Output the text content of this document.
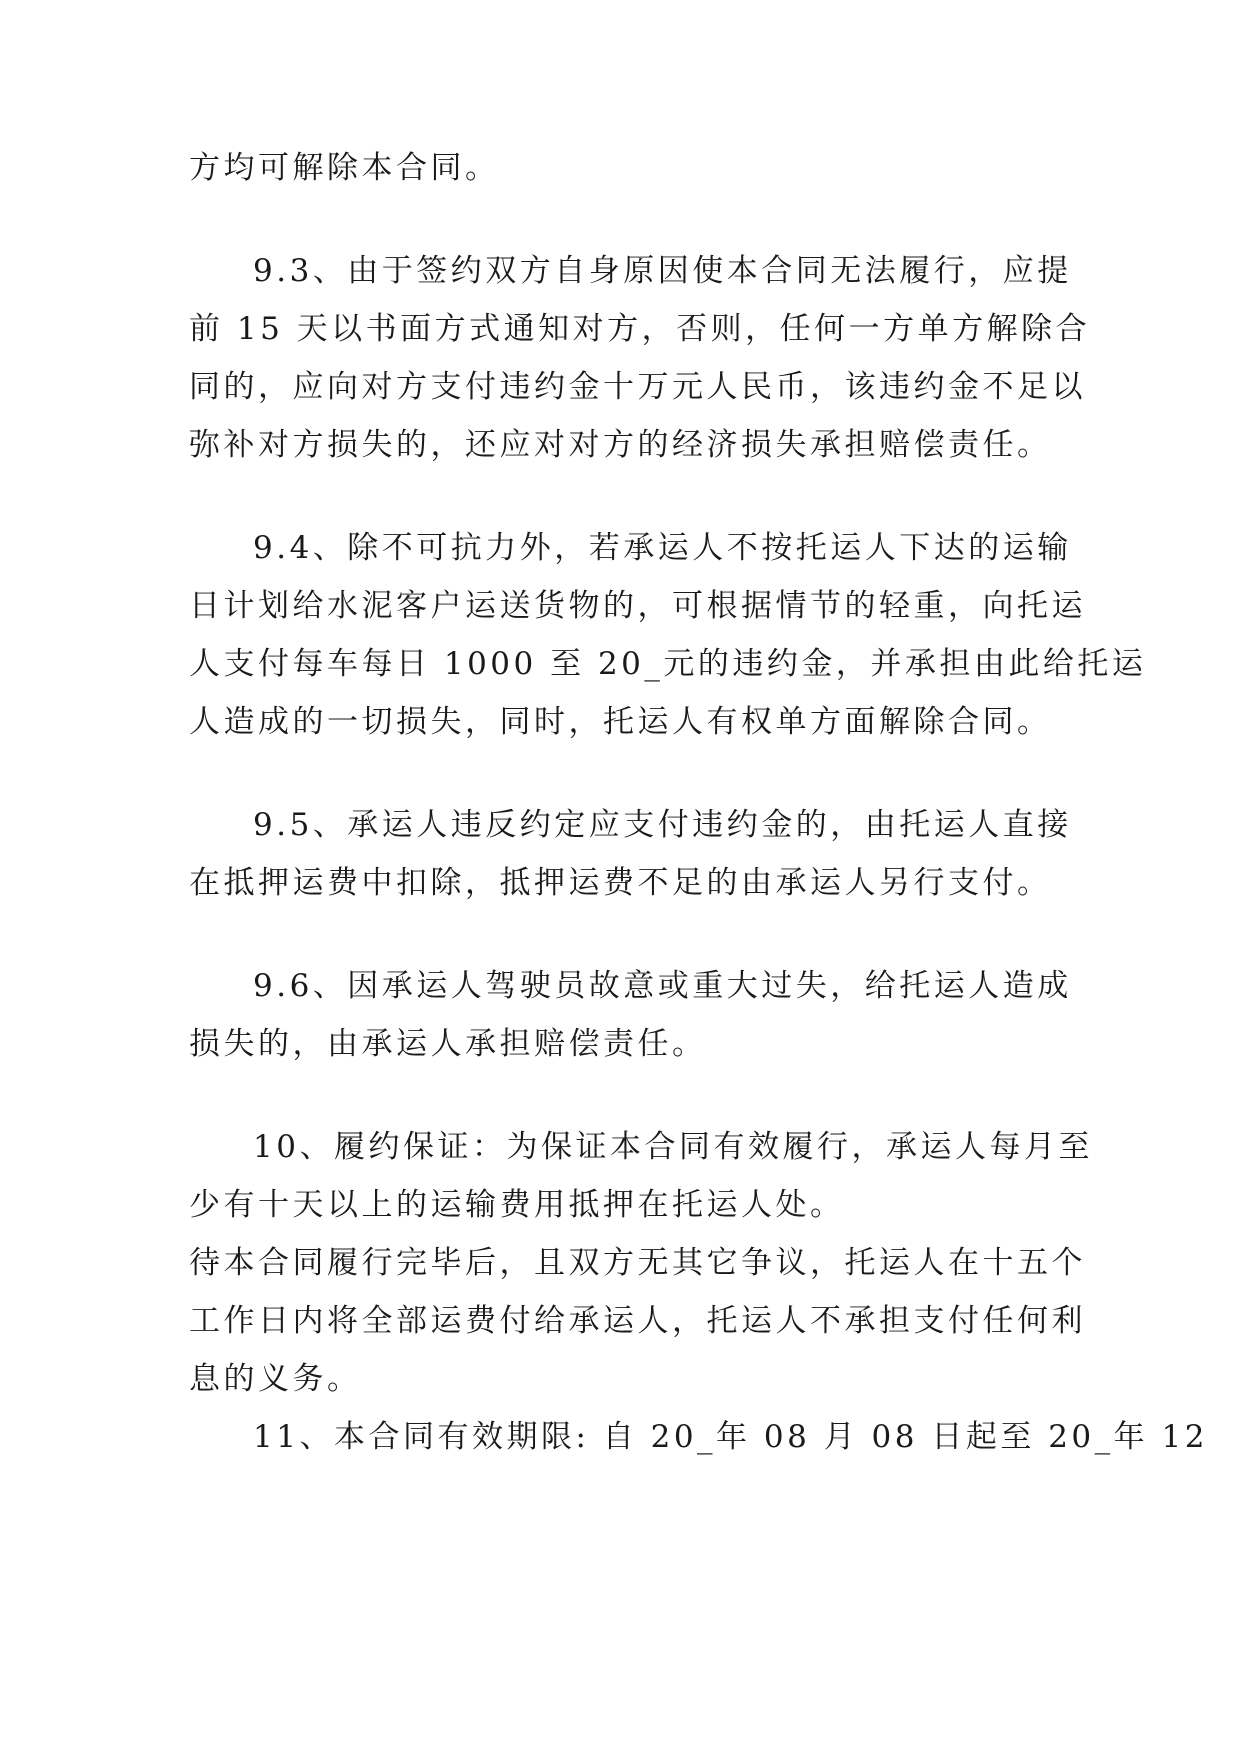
方均可解除本合同。
9.3、由于签约双方自身原因使本合同无法履行，应提
前 15 天以书面方式通知对方，否则，任何一方单方解除合
同的，应向对方支付违约金十万元人民币，该违约金不足以
弥补对方损失的，还应对对方的经济损失承担赔偿责任。
9.4、除不可抗力外，若承运人不按托运人下达的运输
日计划给水泥客户运送货物的，可根据情节的轻重，向托运
人支付每车每日 1000 至 20_元的违约金，并承担由此给托运
人造成的一切损失，同时，托运人有权单方面解除合同。
9.5、承运人违反约定应支付违约金的，由托运人直接
在抵押运费中扣除，抵押运费不足的由承运人另行支付。
9.6、因承运人驾驶员故意或重大过失，给托运人造成
损失的，由承运人承担赔偿责任。
10、履约保证：为保证本合同有效履行，承运人每月至
少有十天以上的运输费用抵押在托运人处。
待本合同履行完毕后，且双方无其它争议，托运人在十五个
工作日内将全部运费付给承运人，托运人不承担支付任何利
息的义务。
11、本合同有效期限: 自 20_年 08 月 08 日起至 20_年 12
